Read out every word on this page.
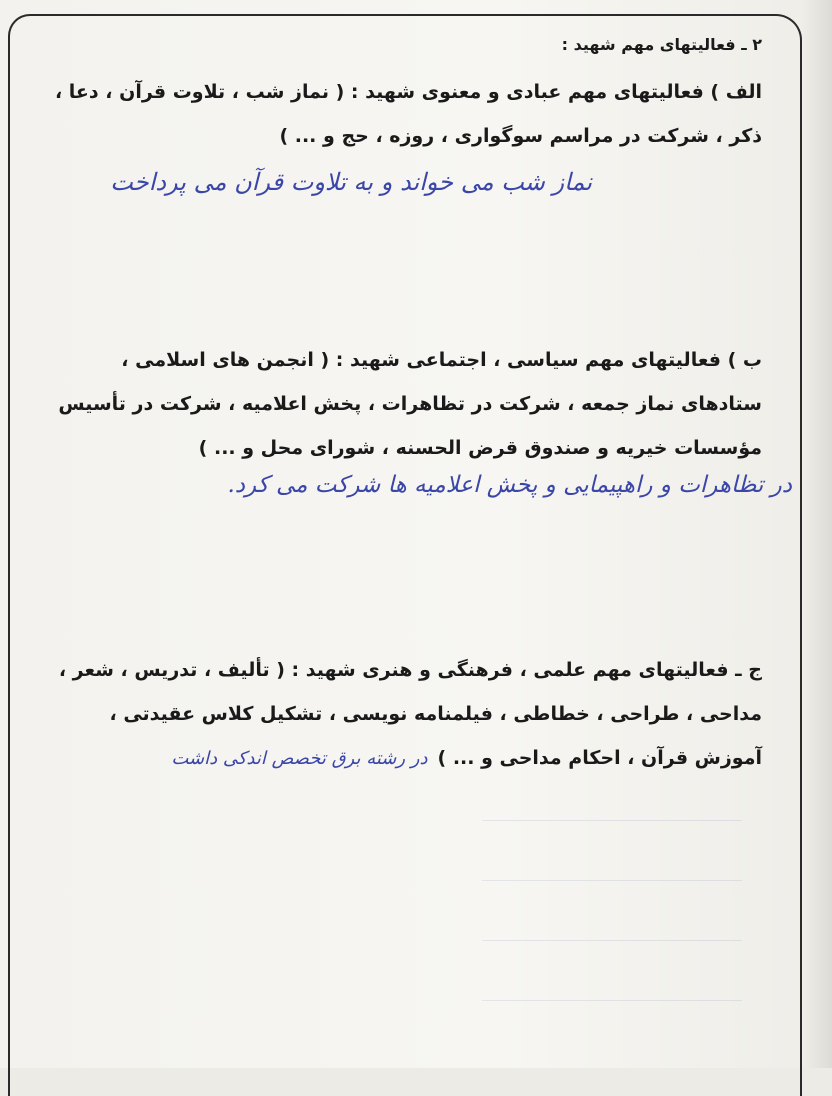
۲ ـ فعالیتهای مهم شهید :

الف ) فعالیتهای مهم عبادی و معنوی شهید : ( نماز شب ، تلاوت قرآن ، دعا ،
ذکر ، شرکت در مراسم سوگواری ، روزه ، حج و ... )

نماز شب می خواند و به تلاوت قرآن می پرداخت

ب ) فعالیتهای مهم سیاسی ، اجتماعی شهید : ( انجمن های اسلامی ،
ستادهای نماز جمعه ، شرکت در تظاهرات ، پخش اعلامیه ، شرکت در تأسیس
مؤسسات خیریه و صندوق قرض الحسنه ، شورای محل و ... )

در تظاهرات و راهپیمایی و پخش اعلامیه ها شرکت می کرد.

ج ـ فعالیتهای مهم علمی ، فرهنگی و هنری شهید : ( تألیف ، تدریس ، شعر ،
مداحی ، طراحی ، خطاطی ، فیلمنامه نویسی ، تشکیل کلاس عقیدتی ،
آموزش قرآن ، احکام مداحی و ... )در رشته برق تخصص اندکی داشت
